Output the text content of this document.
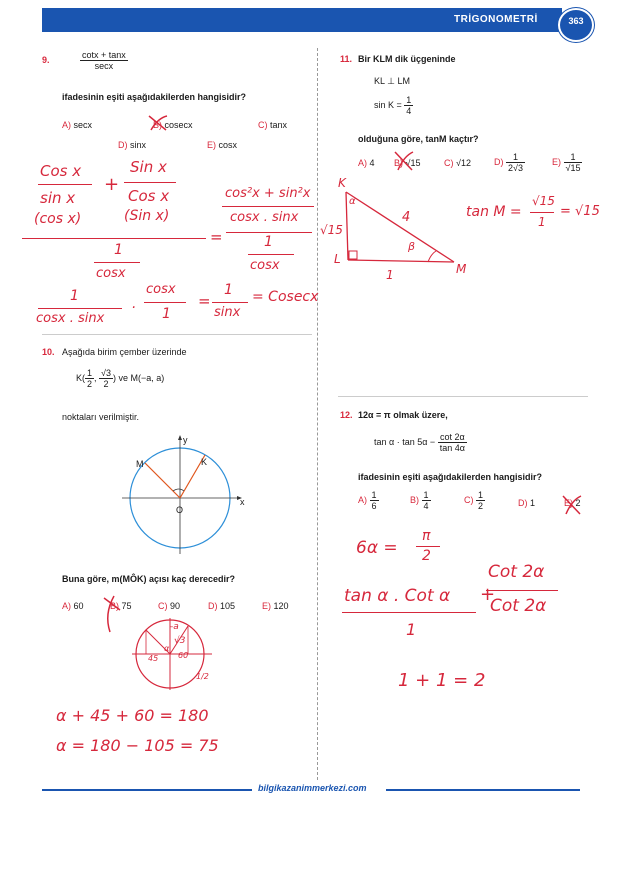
TRİGONOMETRİ	363
9.	$\frac{\cot x + \tan x}{\sec x}$
ifadesinin eşiti aşağıdakilerden hangisidir?
A) secx	B) cosecx	C) tanx
D) sinx	E) cosx
Cos x
sin x
(cos x)
+
Sin x
Cos x
(Sin x)
=
cos²x + sin²x
cosx . sinx
1
cosx
1
cosx
1
cosx . sinx
.
cosx
1
=
1
sinx
= Cosecx
10. Aşağıda birim çember üzerinde
$K( \frac{1}{2}$ , $\frac{√3}{2}$ ) ve M(−a, a)
noktaları verilmiştir.
y
x
M	K
O
Buna göre, m(MÔK) açısı kaç derecedir?
A) 60	B) 75	C) 90	D) 105	E) 120
-a
√3
45 60
α
1/2
α + 45 + 60 = 180
α = 180 − 105 = 75
11. Bir KLM dik üçgeninde
KL ⊥ LM
$\sin K = \frac{1}{4}$
olduğuna göre, tanM kaçtır?
A) 4 B) √15	C) √12	$D) \frac{1}{2√3}$	$E) \frac{1}{√15}$
K
L
M
α
β
4
1
√15
tan M =
√15
1
= √15
12. 12α = π olmak üzere,
$\tan \alpha \cdot \tan 5\alpha - \frac{\cot 2\alpha}{\tan 4\alpha}$
ifadesinin eşiti aşağıdakilerden hangisidir?
$A) \frac{1}{6}$	$B) \frac{1}{4}$	$C) \frac{1}{2}$	D) 1	E) 2
6α =
π
2
tan α . Cot α
1
+
Cot 2α
Cot 2α
1 + 1 = 2
bilgikazanimmerkezi.com
